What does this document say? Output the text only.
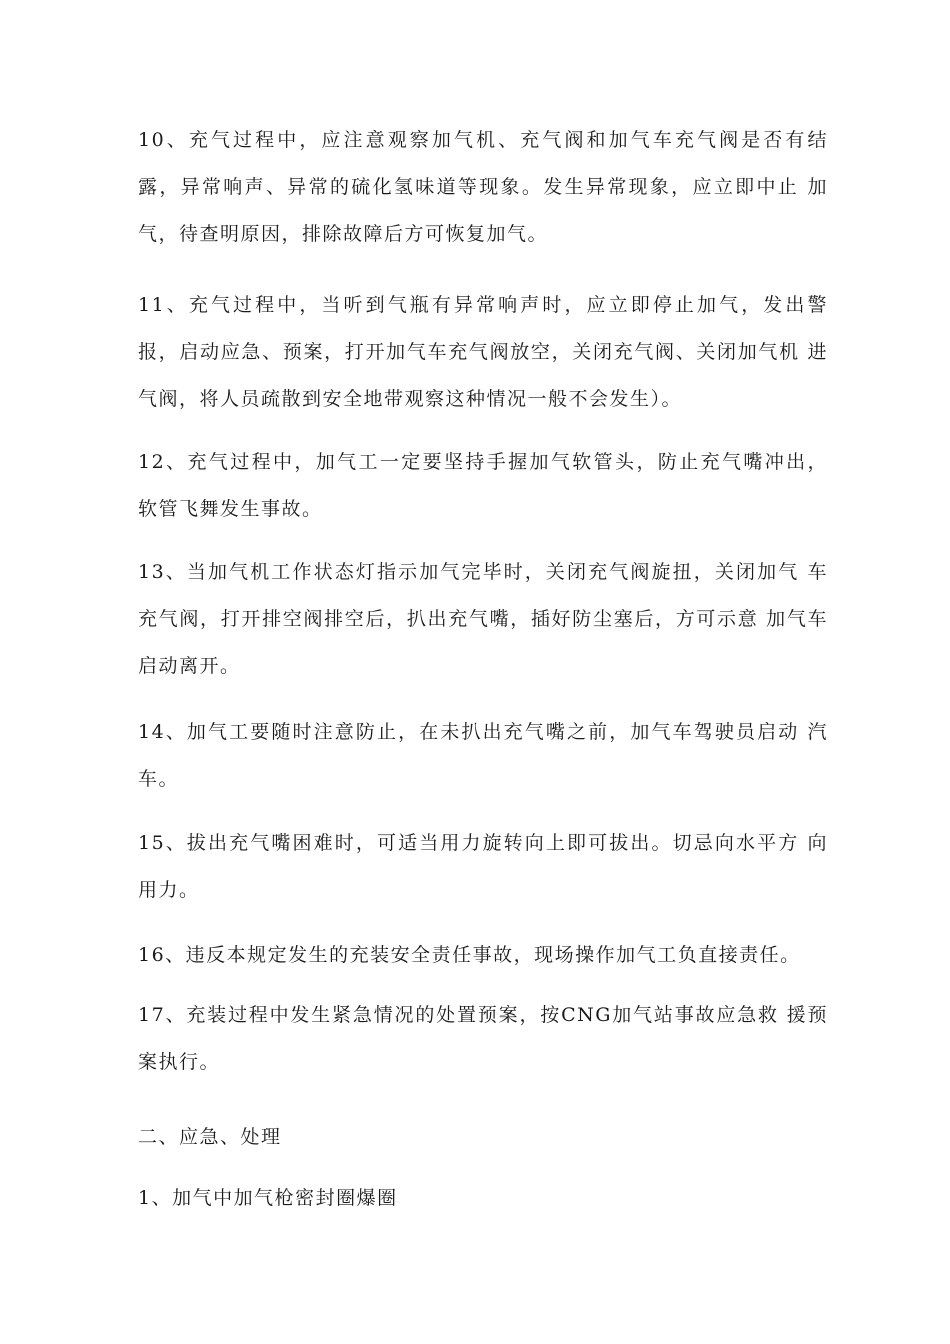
10、充气过程中，应注意观察加气机、充气阀和加气车充气阀是否有结 露，异常响声、异常的硫化氢味道等现象。发生异常现象，应立即中止 加气，待查明原因，排除故障后方可恢复加气。

11、充气过程中，当听到气瓶有异常响声时，应立即停止加气，发出警 报，启动应急、预案，打开加气车充气阀放空，关闭充气阀、关闭加气机 进气阀，将人员疏散到安全地带观察这种情况一般不会发生）。

12、充气过程中，加气工一定要坚持手握加气软管头，防止充气嘴冲出， 软管飞舞发生事故。

13、当加气机工作状态灯指示加气完毕时，关闭充气阀旋扭，关闭加气 车充气阀，打开排空阀排空后，扒出充气嘴，插好防尘塞后，方可示意 加气车启动离开。

14、加气工要随时注意防止，在未扒出充气嘴之前，加气车驾驶员启动 汽车。

15、拔出充气嘴困难时，可适当用力旋转向上即可拔出。切忌向水平方 向用力。

16、违反本规定发生的充装安全责任事故，现场操作加气工负直接责任。

17、充装过程中发生紧急情况的处置预案，按CNG加气站事故应急救 援预案执行。

二、应急、处理

1、加气中加气枪密封圈爆圈
